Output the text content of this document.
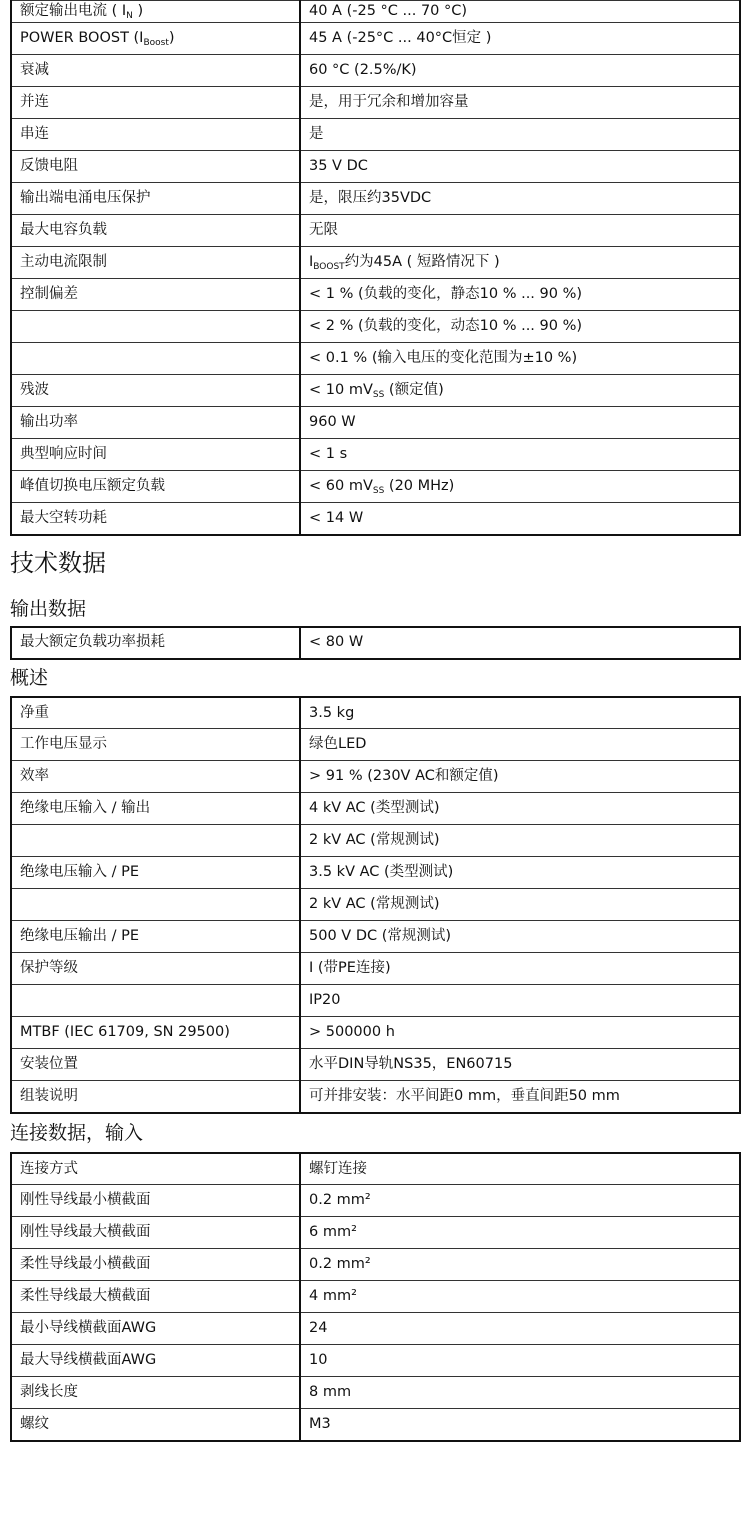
额定输出电流 ( $I_N$ )	40 A (-25 °C ... 70 °C)
POWER BOOST $(I_{Boost})$	45 A (-25°C ... 40°C恒定 )
衰减	60 °C (2.5%/K)
并连	是，用于冗余和增加容量
串连	是
反馈电阻	35 V DC
输出端电涌电压保护	是，限压约35VDC
最大电容负载	无限
主动电流限制	$I_{BOOST}$约为45A ( 短路情况下 )
控制偏差	< 1 % (负载的变化，静态10 % ... 90 %)
	< 2 % (负载的变化，动态10 % ... 90 %)
	< 0.1 % (输入电压的变化范围为±10 %)
残波	< 10 $mV_{SS}$ (额定值)
输出功率	960 W
典型响应时间	< 1 s
峰值切换电压额定负载	< 60 $mV_{SS}$ (20 MHz)
最大空转功耗	< 14 W
技术数据
输出数据
最大额定负载功率损耗	< 80 W
概述
净重	3.5 kg
工作电压显示	绿色LED
效率	> 91 % (230V AC和额定值)
绝缘电压输入 / 输出	4 kV AC (类型测试)
	2 kV AC (常规测试)
绝缘电压输入 / PE	3.5 kV AC (类型测试)
	2 kV AC (常规测试)
绝缘电压输出 / PE	500 V DC (常规测试)
保护等级	I (带PE连接)
	IP20
MTBF (IEC 61709, SN 29500)	> 500000 h
安装位置	水平DIN导轨NS35，EN60715
组装说明	可并排安装：水平间距0 mm，垂直间距50 mm
连接数据，输入
连接方式	螺钉连接
刚性导线最小横截面	0.2 mm²
刚性导线最大横截面	6 mm²
柔性导线最小横截面	0.2 mm²
柔性导线最大横截面	4 mm²
最小导线横截面AWG	24
最大导线横截面AWG	10
剥线长度	8 mm
螺纹	M3
